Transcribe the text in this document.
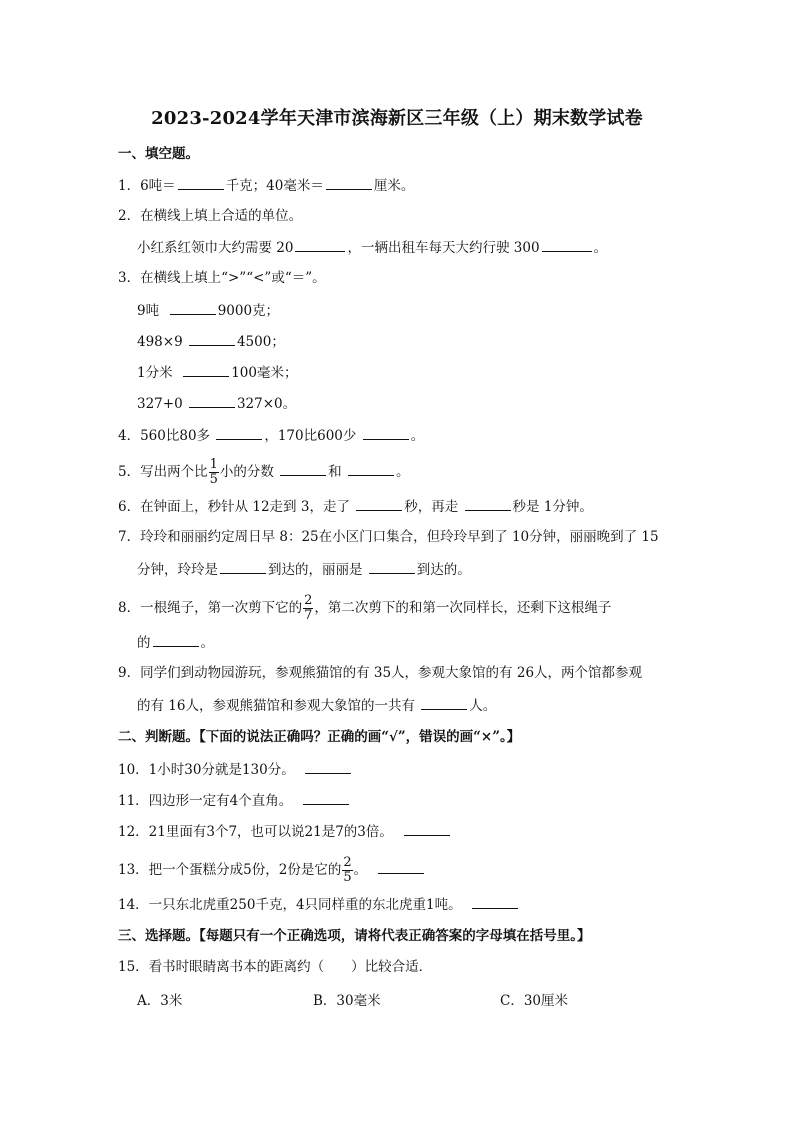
2023-2024学年天津市滨海新区三年级（上）期末数学试卷
一、填空题。
1．6吨＝	千克；40毫米＝	厘米。
2．在横线上填上合适的单位。
小红系红领巾大约需要 20	，一辆出租车每天大约行驶 300	。
3．在横线上填上“>”“<”或“＝”。
9吨	9000克；
498×9	4500；
1分米	100毫米；
327+0	327×0。
4．560比80多	，170比600少	。
5．写出两个比 $\frac{1}{5}$ 小的分数	和	。
6．在钟面上，秒针从 12走到 3，走了	秒，再走	秒是 1分钟。
7．玲玲和丽丽约定周日早 8：25在小区门口集合，但玲玲早到了 10分钟，丽丽晚到了 15
分钟，玲玲是	到达的，丽丽是	到达的。
8．一根绳子，第一次剪下它的 $\frac{2}{7}$ ，第二次剪下的和第一次同样长，还剩下这根绳子
的	。
9．同学们到动物园游玩，参观熊猫馆的有 35人，参观大象馆的有 26人，两个馆都参观
的有 16人，参观熊猫馆和参观大象馆的一共有	人。
二、判断题。【下面的说法正确吗？正确的画“√”，错误的画“×”。】
10．1小时30分就是130分。
11．四边形一定有4个直角。
12．21里面有3个7，也可以说21是7的3倍。
13．把一个蛋糕分成5份，2份是它的 $\frac{2}{5}$ 。
14．一只东北虎重250千克，4只同样重的东北虎重1吨。
三、选择题。【每题只有一个正确选项，请将代表正确答案的字母填在括号里。】
15．看书时眼睛离书本的距离约（　　）比较合适．
A．3米	B．30毫米	C．30厘米
